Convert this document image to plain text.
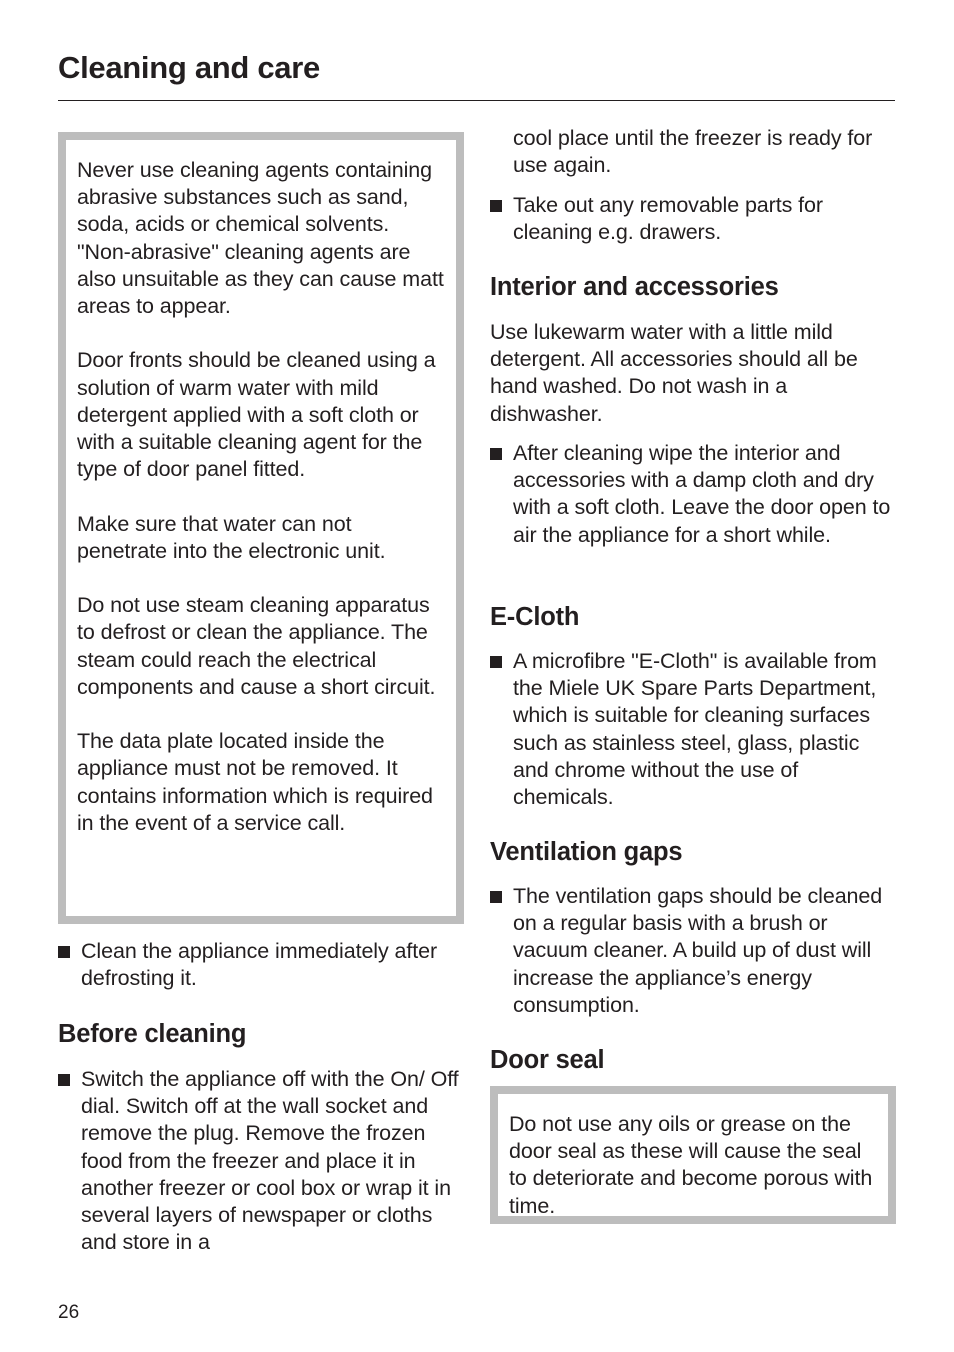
Cleaning and care

Never use cleaning agents containing abrasive substances such as sand, soda, acids or chemical solvents. "Non-abrasive" cleaning agents are also unsuitable as they can cause matt areas to appear.

Door fronts should be cleaned using a solution of warm water with mild detergent applied with a soft cloth or with a suitable cleaning agent for the type of door panel fitted.

Make sure that water can not penetrate into the electronic unit.

Do not use steam cleaning apparatus to defrost or clean the appliance. The steam could reach the electrical components and cause a short circuit.

The data plate located inside the appliance must not be removed. It contains information which is required in the event of a service call.

Clean the appliance immediately after defrosting it.

Before cleaning

Switch the appliance off with the On/ Off dial. Switch off at the wall socket and remove the plug. Remove the frozen food from the freezer and place it in another freezer or cool box or wrap it in several layers of newspaper or cloths and store in a

cool place until the freezer is ready for use again.

Take out any removable parts for cleaning e.g. drawers.

Interior and accessories

Use lukewarm water with a little mild detergent. All accessories should all be hand washed. Do not wash in a dishwasher.

After cleaning wipe the interior and accessories with a damp cloth and dry with a soft cloth. Leave the door open to air the appliance for a short while.

E-Cloth

A microfibre "E-Cloth" is available from the Miele UK Spare Parts Department, which is suitable for cleaning surfaces such as stainless steel, glass, plastic and chrome without the use of chemicals.

Ventilation gaps

The ventilation gaps should be cleaned on a regular basis with a brush or vacuum cleaner. A build up of dust will increase the appliance’s energy consumption.

Door seal

Do not use any oils or grease on the door seal as these will cause the seal to deteriorate and become porous with time.

26
